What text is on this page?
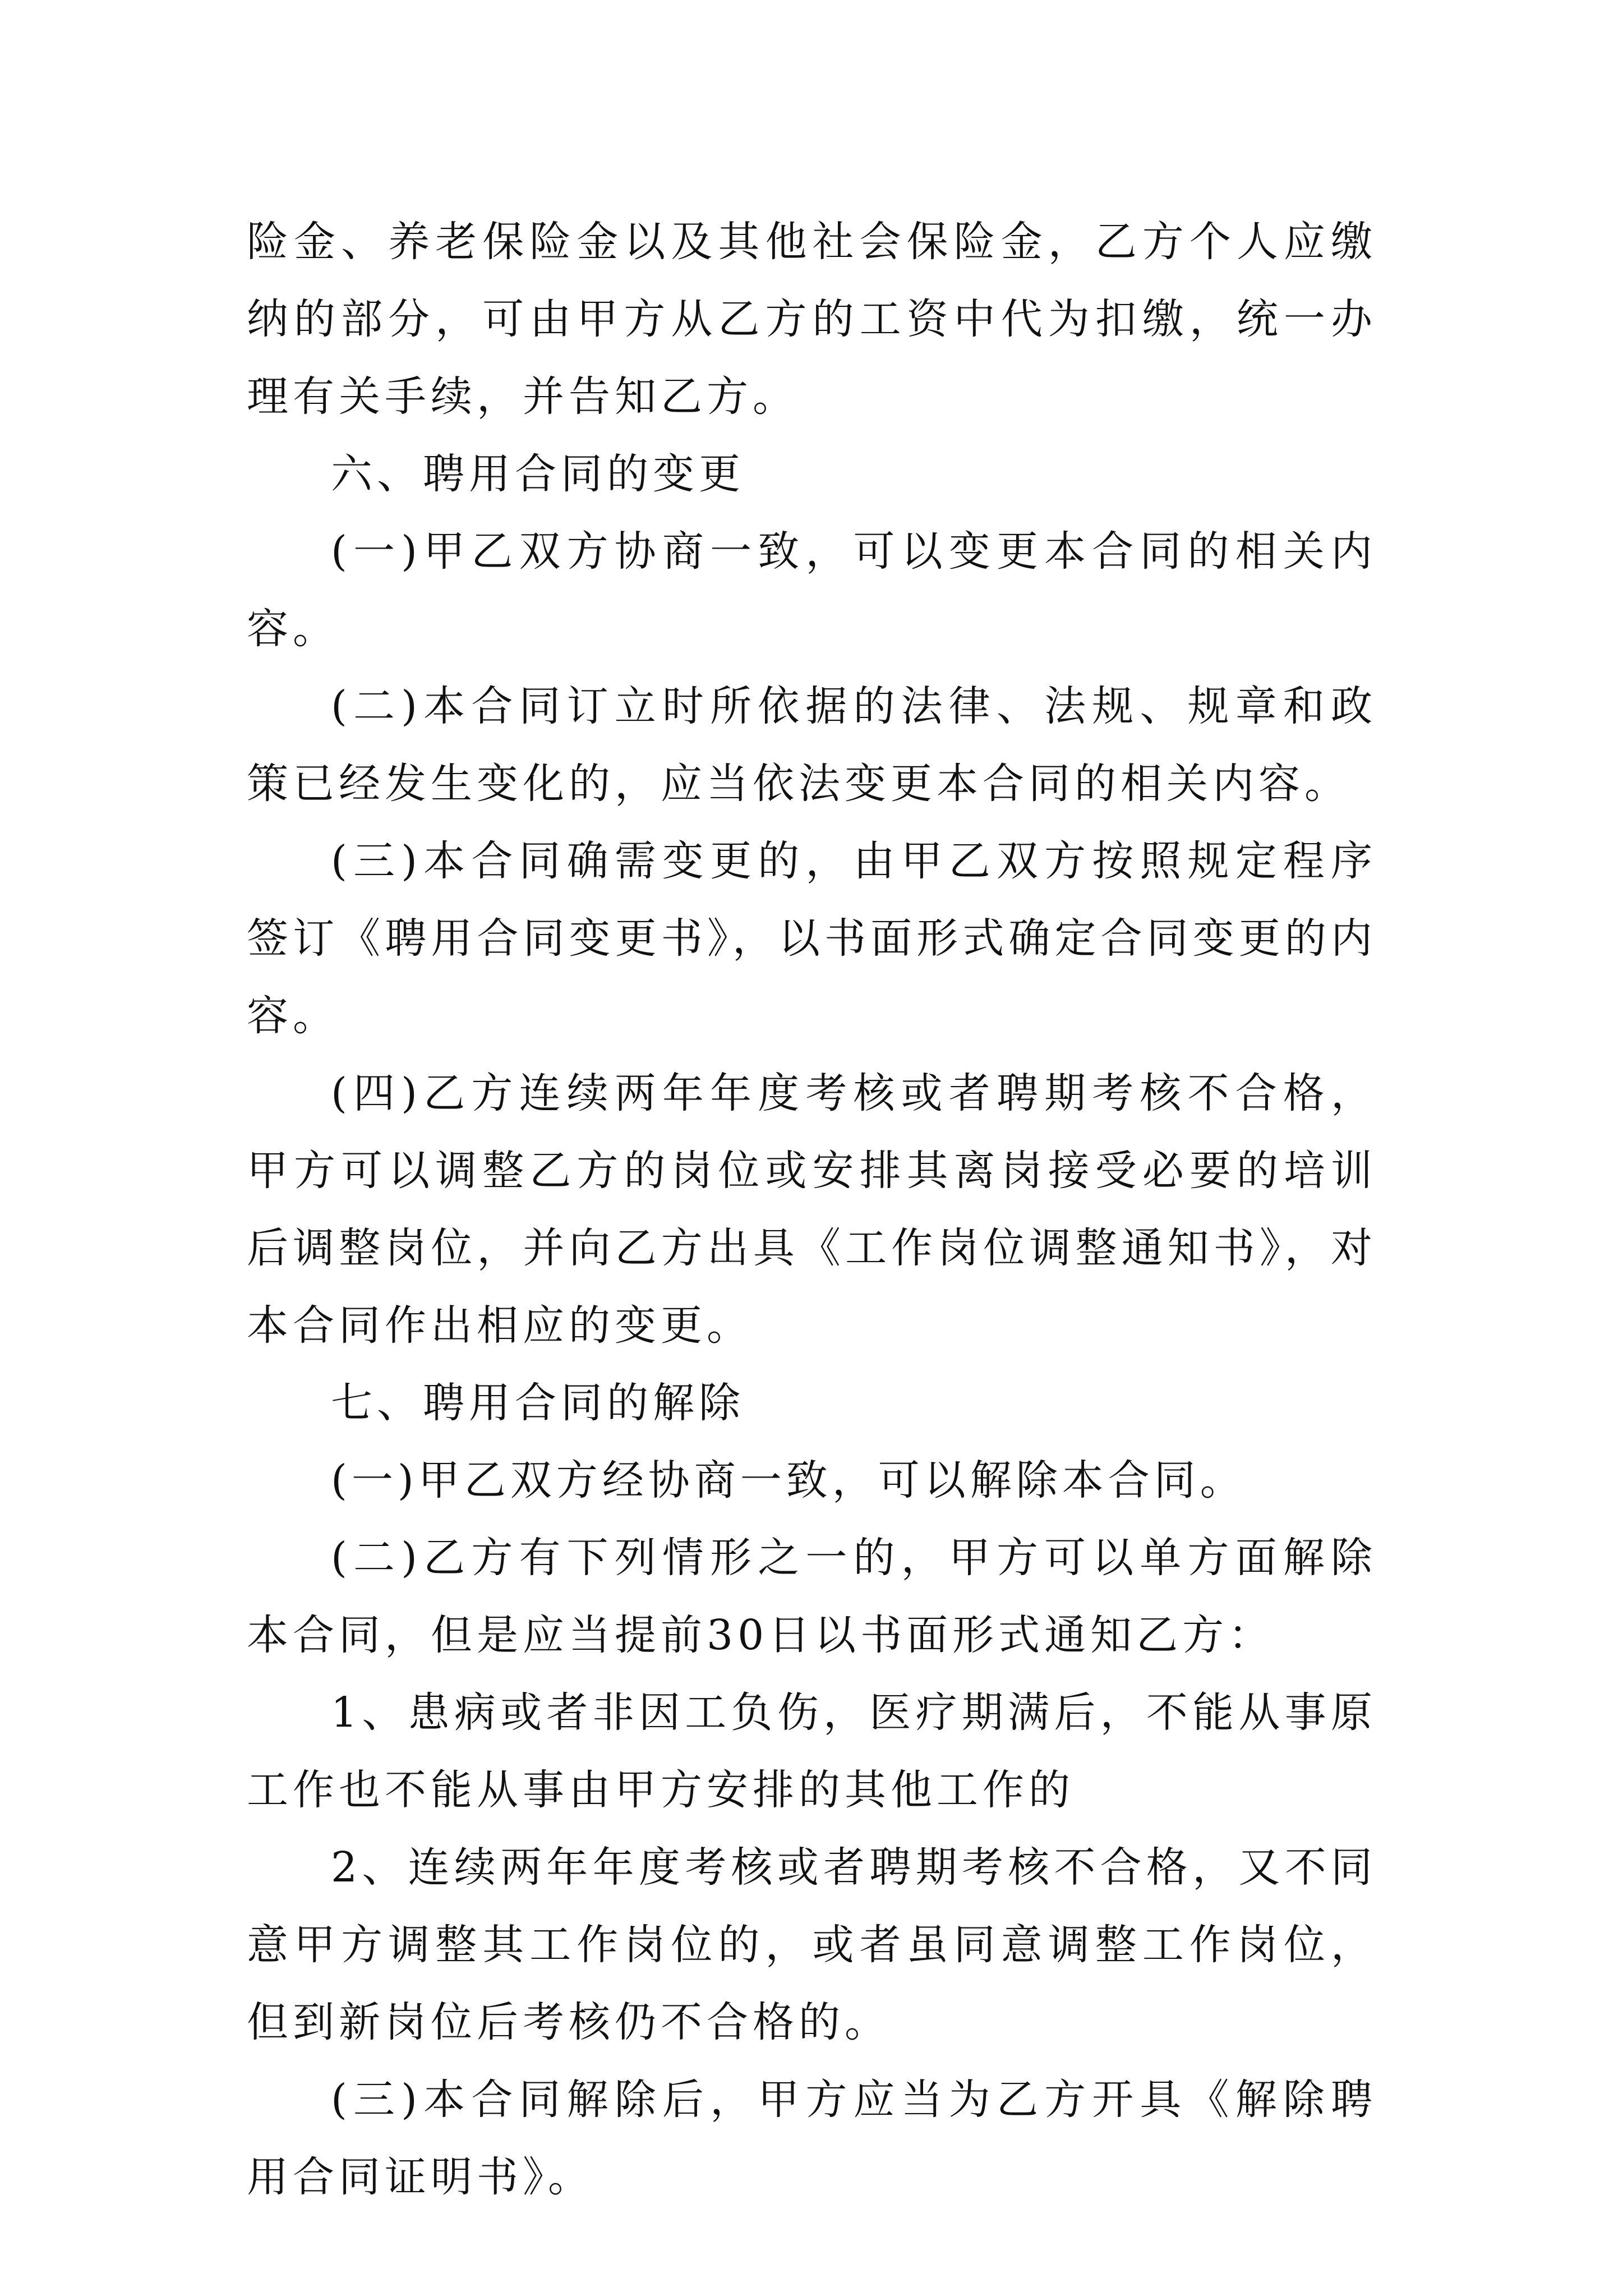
险金、养老保险金以及其他社会保险金，乙方个人应缴纳的部分，可由甲方从乙方的工资中代为扣缴，统一办理有关手续，并告知乙方。

六、聘用合同的变更

(一)甲乙双方协商一致，可以变更本合同的相关内容。

(二)本合同订立时所依据的法律、法规、规章和政策已经发生变化的，应当依法变更本合同的相关内容。

(三)本合同确需变更的，由甲乙双方按照规定程序签订《聘用合同变更书》，以书面形式确定合同变更的内容。

(四)乙方连续两年年度考核或者聘期考核不合格，甲方可以调整乙方的岗位或安排其离岗接受必要的培训后调整岗位，并向乙方出具《工作岗位调整通知书》，对本合同作出相应的变更。

七、聘用合同的解除

(一)甲乙双方经协商一致，可以解除本合同。

(二)乙方有下列情形之一的，甲方可以单方面解除本合同，但是应当提前30日以书面形式通知乙方：

1、患病或者非因工负伤，医疗期满后，不能从事原工作也不能从事由甲方安排的其他工作的

2、连续两年年度考核或者聘期考核不合格，又不同意甲方调整其工作岗位的，或者虽同意调整工作岗位，但到新岗位后考核仍不合格的。

(三)本合同解除后，甲方应当为乙方开具《解除聘用合同证明书》。
